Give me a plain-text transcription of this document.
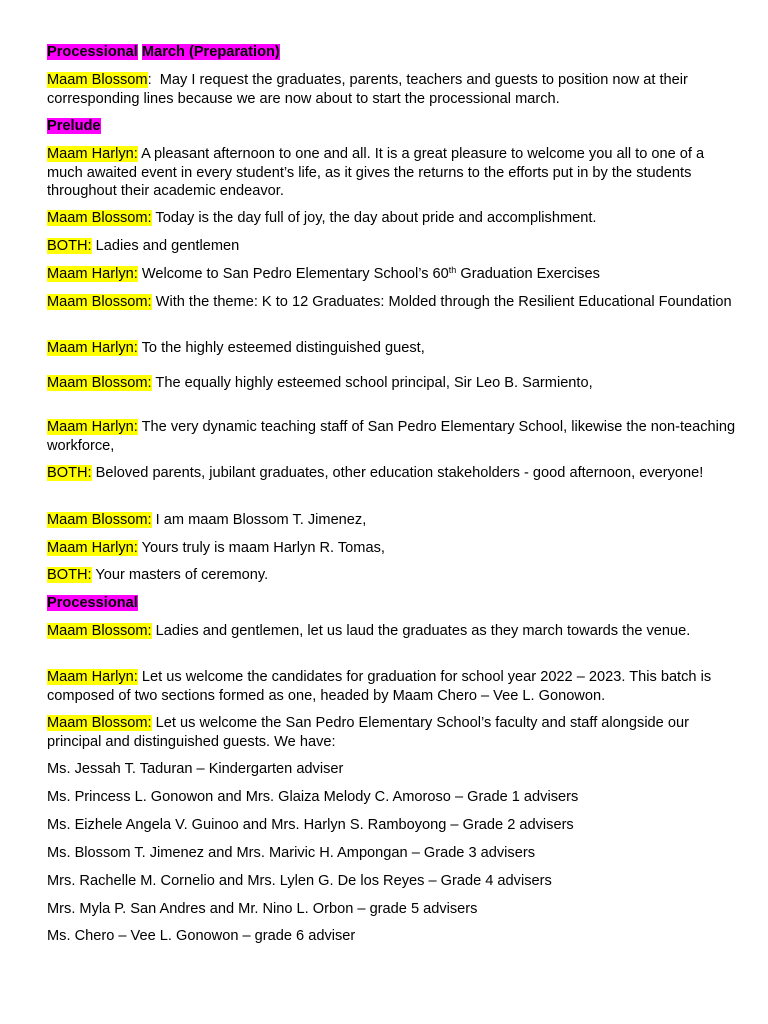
Processional March (Preparation)

Maam Blossom:  May I request the graduates, parents, teachers and guests to position now at their corresponding lines because we are now about to start the processional march.

Prelude

Maam Harlyn: A pleasant afternoon to one and all. It is a great pleasure to welcome you all to one of a much awaited event in every student’s life, as it gives the returns to the efforts put in by the students throughout their academic endeavor.

Maam Blossom: Today is the day full of joy, the day about pride and accomplishment.

BOTH: Ladies and gentlemen

Maam Harlyn: Welcome to San Pedro Elementary School’s 60th Graduation Exercises

Maam Blossom: With the theme: K to 12 Graduates: Molded through the Resilient Educational Foundation

Maam Harlyn: To the highly esteemed distinguished guest,

Maam Blossom: The equally highly esteemed school principal, Sir Leo B. Sarmiento,

Maam Harlyn: The very dynamic teaching staff of San Pedro Elementary School, likewise the non-teaching workforce,

BOTH: Beloved parents, jubilant graduates, other education stakeholders - good afternoon, everyone!

Maam Blossom: I am maam Blossom T. Jimenez,

Maam Harlyn: Yours truly is maam Harlyn R. Tomas,

BOTH: Your masters of ceremony.

Processional

Maam Blossom: Ladies and gentlemen, let us laud the graduates as they march towards the venue.

Maam Harlyn: Let us welcome the candidates for graduation for school year 2022 – 2023. This batch is composed of two sections formed as one, headed by Maam Chero – Vee L. Gonowon.

Maam Blossom: Let us welcome the San Pedro Elementary School’s faculty and staff alongside our principal and distinguished guests. We have:

Ms. Jessah T. Taduran – Kindergarten adviser

Ms. Princess L. Gonowon and Mrs. Glaiza Melody C. Amoroso – Grade 1 advisers

Ms. Eizhele Angela V. Guinoo and Mrs. Harlyn S. Ramboyong – Grade 2 advisers

Ms. Blossom T. Jimenez and Mrs. Marivic H. Ampongan – Grade 3 advisers

Mrs. Rachelle M. Cornelio and Mrs. Lylen G. De los Reyes – Grade 4 advisers

Mrs. Myla P. San Andres and Mr. Nino L. Orbon – grade 5 advisers

Ms. Chero – Vee L. Gonowon – grade 6 adviser
